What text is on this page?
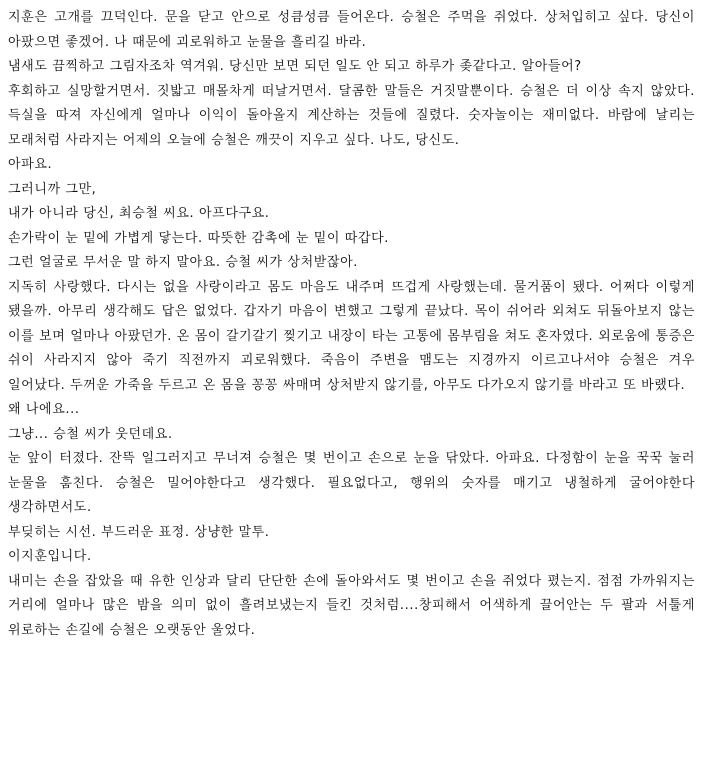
지훈은 고개를 끄덕인다. 문을 닫고 안으로 성큼성큼 들어온다. 승철은 주먹을 쥐었다. 상처입히고 싶다. 당신이 아팠으면 좋겠어. 나 때문에 괴로워하고 눈물을 흘리길 바라.

냄새도 끔찍하고 그림자조차 역겨워. 당신만 보면 되던 일도 안 되고 하루가 좆같다고. 알아들어?

후회하고 실망할거면서. 짓밟고 매몰차게 떠날거면서. 달콤한 말들은 거짓말뿐이다. 승철은 더 이상 속지 않았다. 득실을 따져 자신에게 얼마나 이익이 돌아올지 계산하는 것들에 질렸다. 숫자놀이는 재미없다. 바람에 날리는 모래처럼 사라지는 어제의 오늘에 승철은 깨끗이 지우고 싶다. 나도, 당신도.

아파요.

그러니까 그만,

내가 아니라 당신, 최승철 씨요. 아프다구요.

손가락이 눈 밑에 가볍게 닿는다. 따뜻한 감촉에 눈 밑이 따갑다.

그런 얼굴로 무서운 말 하지 말아요. 승철 씨가 상처받잖아.

지독히 사랑했다. 다시는 없을 사랑이라고 몸도 마음도 내주며 뜨겁게 사랑했는데. 물거품이 됐다. 어쩌다 이렇게 됐을까. 아무리 생각해도 답은 없었다. 갑자기 마음이 변했고 그렇게 끝났다. 목이 쉬어라 외쳐도 뒤돌아보지 않는 이를 보며 얼마나 아팠던가. 온 몸이 갈기갈기 찢기고 내장이 타는 고통에 몸부림을 쳐도 혼자였다. 외로움에 통증은 쉬이 사라지지 않아 죽기 직전까지 괴로워했다. 죽음이 주변을 맴도는 지경까지 이르고나서야 승철은 겨우 일어났다. 두꺼운 가죽을 두르고 온 몸을 꽁꽁 싸매며 상처받지 않기를, 아무도 다가오지 않기를 바라고 또 바랬다.

왜 나에요...

그냥... 승철 씨가 웃던데요.

눈 앞이 터졌다. 잔뜩 일그러지고 무너져 승철은 몇 번이고 손으로 눈을 닦았다. 아파요. 다정함이 눈을 꾹꾹 눌러 눈물을 훔친다. 승철은 밀어야한다고 생각했다. 필요없다고, 행위의 숫자를 매기고 냉철하게 굴어야한다 생각하면서도.

부딪히는 시선. 부드러운 표정. 상냥한 말투.

이지훈입니다.

내미는 손을 잡았을 때 유한 인상과 달리 단단한 손에 돌아와서도 몇 번이고 손을 쥐었다 폈는지. 점점 가까워지는 거리에 얼마나 많은 밤을 의미 없이 흘려보냈는지 들킨 것처럼....창피해서 어색하게 끌어안는 두 팔과 서툴게 위로하는 손길에 승철은 오랫동안 울었다.
